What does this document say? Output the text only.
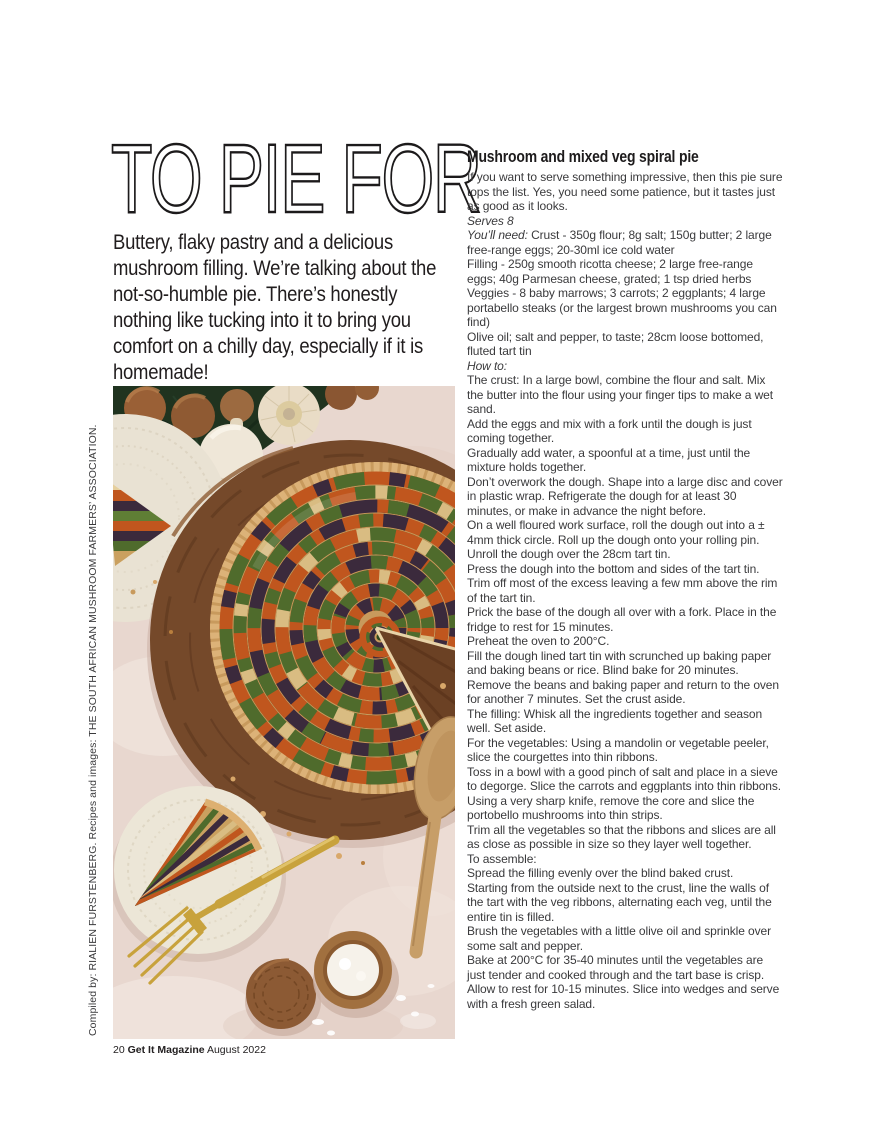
TO PIE FOR

Buttery, flaky pastry and a delicious mushroom filling. We’re talking about the not-so-humble pie. There’s honestly nothing like tucking into it to bring you comfort on a chilly day, especially if it is homemade!

Mushroom and mixed veg spiral pie

If you want to serve something impressive, then this pie sure tops the list. Yes, you need some patience, but it tastes just as good as it looks.

Serves 8

You’ll need: Crust - 350g flour; 8g salt; 150g butter; 2 large free-range eggs; 20-30ml ice cold water

Filling - 250g smooth ricotta cheese; 2 large free-range eggs; 40g Parmesan cheese, grated; 1 tsp dried herbs

Veggies - 8 baby marrows; 3 carrots; 2 eggplants; 4 large portabello steaks (or the largest brown mushrooms you can find)

Olive oil; salt and pepper, to taste; 28cm loose bottomed, fluted tart tin

How to:

The crust: In a large bowl, combine the flour and salt. Mix the butter into the flour using your finger tips to make a wet sand.

Add the eggs and mix with a fork until the dough is just coming together.

Gradually add water, a spoonful at a time, just until the mixture holds together.

Don’t overwork the dough. Shape into a large disc and cover in plastic wrap. Refrigerate the dough for at least 30 minutes, or make in advance the night before.

On a well floured work surface, roll the dough out into a ± 4mm thick circle. Roll up the dough onto your rolling pin. Unroll the dough over the 28cm tart tin.

Press the dough into the bottom and sides of the tart tin. Trim off most of the excess leaving a few mm above the rim of the tart tin.

Prick the base of the dough all over with a fork. Place in the fridge to rest for 15 minutes.

Preheat the oven to 200°C.

Fill the dough lined tart tin with scrunched up baking paper and baking beans or rice. Blind bake for 20 minutes. Remove the beans and baking paper and return to the oven for another 7 minutes. Set the crust aside.

The filling: Whisk all the ingredients together and season well. Set aside.

For the vegetables: Using a mandolin or vegetable peeler, slice the courgettes into thin ribbons.

Toss in a bowl with a good pinch of salt and place in a sieve to degorge. Slice the carrots and eggplants into thin ribbons.

Using a very sharp knife, remove the core and slice the portobello mushrooms into thin strips.

Trim all the vegetables so that the ribbons and slices are all as close as possible in size so they layer well together.

To assemble:

Spread the filling evenly over the blind baked crust.

Starting from the outside next to the crust, line the walls of the tart with the veg ribbons, alternating each veg, until the entire tin is filled.

Brush the vegetables with a little olive oil and sprinkle over some salt and pepper.

Bake at 200°C for 35-40 minutes until the vegetables are just tender and cooked through and the tart base is crisp.

Allow to rest for 10-15 minutes. Slice into wedges and serve with a fresh green salad.

Compiled by: RIALIEN FURSTENBERG. Recipes and images: THE SOUTH AFRICAN MUSHROOM FARMERS’ ASSOCIATION.

20 Get It Magazine August 2022
